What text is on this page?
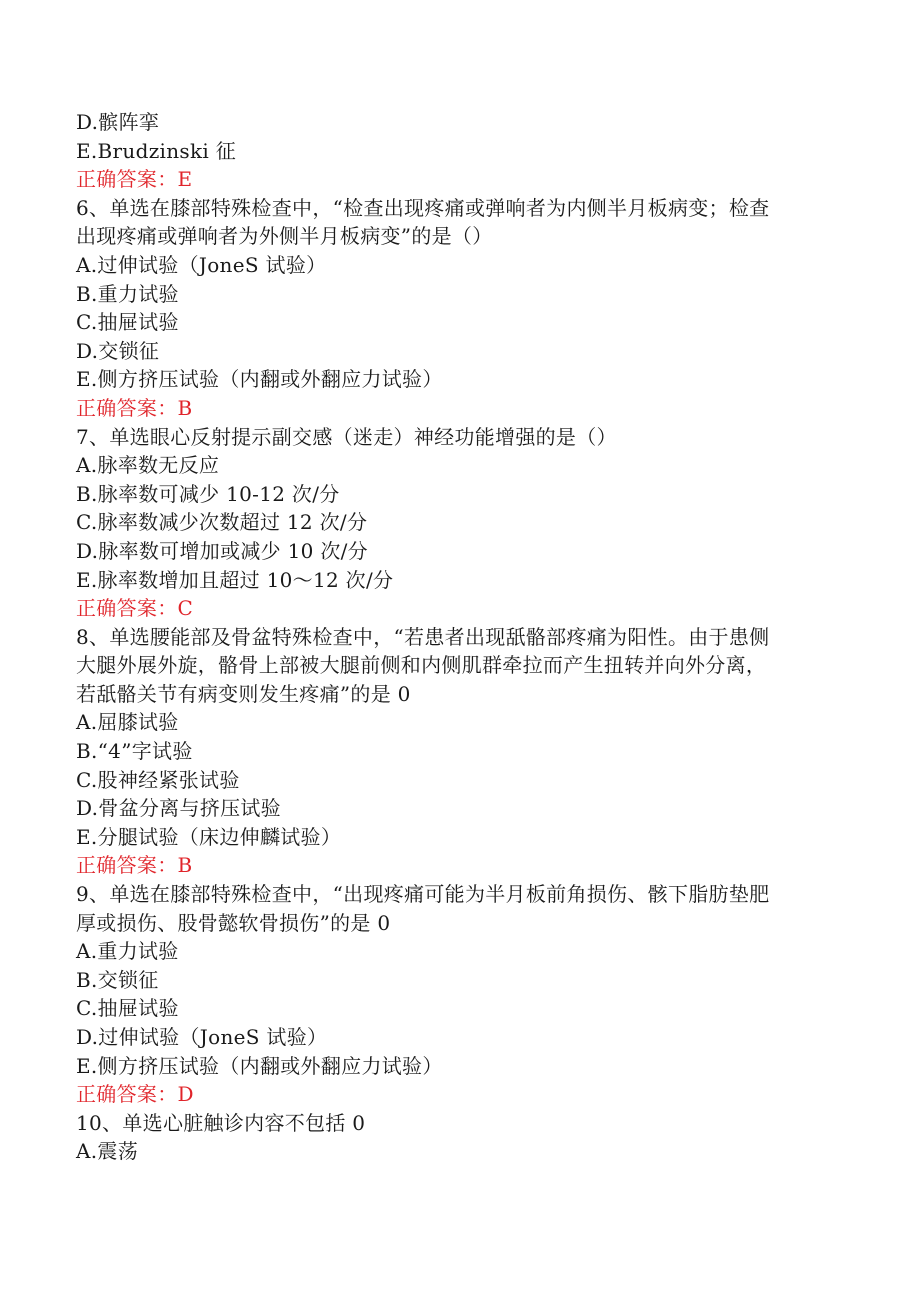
D.髌阵挛
E.Brudzinski 征
正确答案：E
6、单选在膝部特殊检查中，“检查出现疼痛或弹响者为内侧半月板病变；检查
出现疼痛或弹响者为外侧半月板病变”的是（）
A.过伸试验（JoneS 试验）
B.重力试验
C.抽屉试验
D.交锁征
E.侧方挤压试验（内翻或外翻应力试验）
正确答案：B
7、单选眼心反射提示副交感（迷走）神经功能增强的是（）
A.脉率数无反应
B.脉率数可减少 10-12 次/分
C.脉率数减少次数超过 12 次/分
D.脉率数可增加或减少 10 次/分
E.脉率数增加且超过 10～12 次/分
正确答案：C
8、单选腰能部及骨盆特殊检查中，“若患者出现舐骼部疼痛为阳性。由于患侧
大腿外展外旋，骼骨上部被大腿前侧和内侧肌群牵拉而产生扭转并向外分离，
若舐骼关节有病变则发生疼痛”的是 0
A.屈膝试验
B.“4”字试验
C.股神经紧张试验
D.骨盆分离与挤压试验
E.分腿试验（床边伸麟试验）
正确答案：B
9、单选在膝部特殊检查中，“出现疼痛可能为半月板前角损伤、骸下脂肪垫肥
厚或损伤、股骨懿软骨损伤”的是 0
A.重力试验
B.交锁征
C.抽屉试验
D.过伸试验（JoneS 试验）
E.侧方挤压试验（内翻或外翻应力试验）
正确答案：D
10、单选心脏触诊内容不包括 0
A.震荡
